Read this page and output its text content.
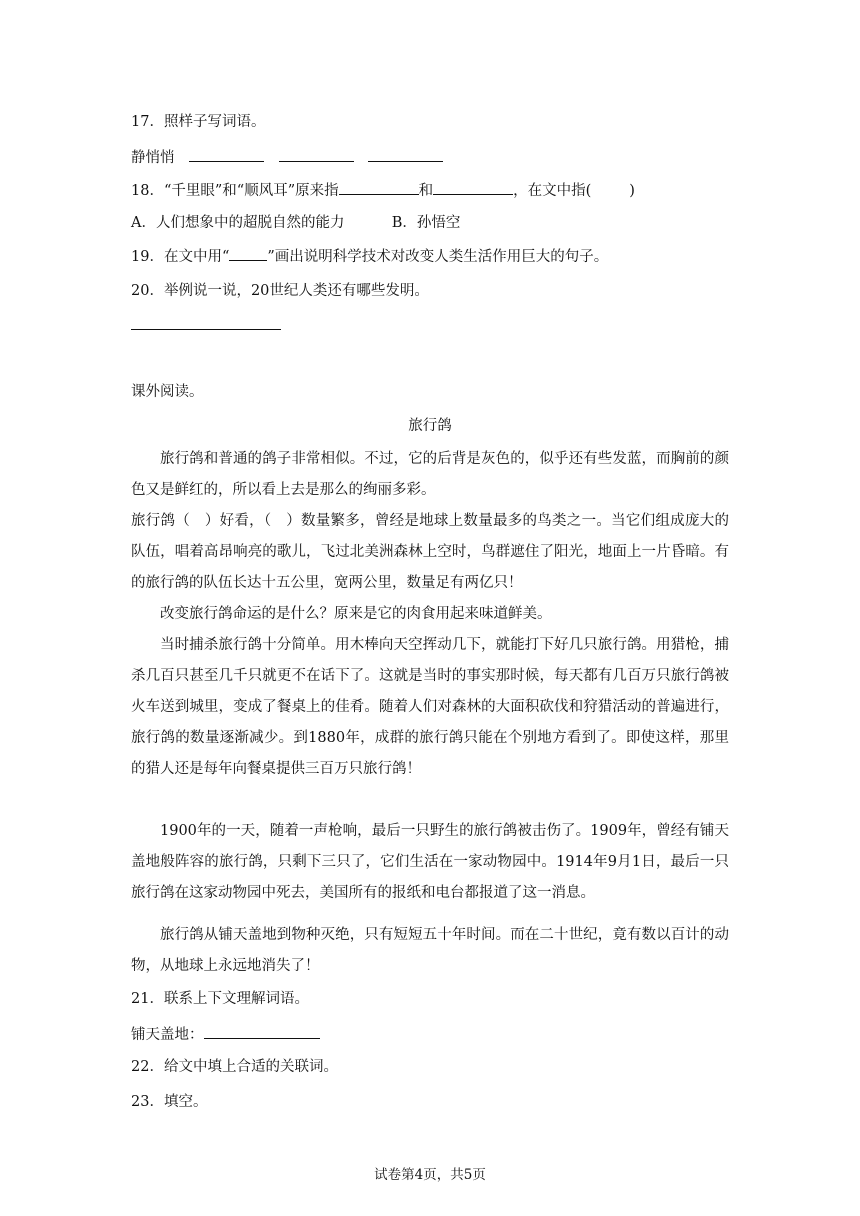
17．照样子写词语。
静悄悄
18．“千里眼”和“顺风耳”原来指	和	，在文中指(	)
A．人们想象中的超脱自然的能力	B．孙悟空
19．在文中用“	”画出说明科学技术对改变人类生活作用巨大的句子。
20．举例说一说，20世纪人类还有哪些发明。
课外阅读。
旅行鸽
旅行鸽和普通的鸽子非常相似。不过，它的后背是灰色的，似乎还有些发蓝，而胸前的颜色又是鲜红的，所以看上去是那么的绚丽多彩。
旅行鸽（　）好看，（　）数量繁多，曾经是地球上数量最多的鸟类之一。当它们组成庞大的队伍，唱着高昂响亮的歌儿，飞过北美洲森林上空时，鸟群遮住了阳光，地面上一片昏暗。有的旅行鸽的队伍长达十五公里，宽两公里，数量足有两亿只！
改变旅行鸽命运的是什么？原来是它的肉食用起来味道鲜美。
当时捕杀旅行鸽十分简单。用木棒向天空挥动几下，就能打下好几只旅行鸽。用猎枪，捕杀几百只甚至几千只就更不在话下了。这就是当时的事实那时候，每天都有几百万只旅行鸽被火车送到城里，变成了餐桌上的佳肴。随着人们对森林的大面积砍伐和狩猎活动的普遍进行，旅行鸽的数量逐渐减少。到1880年，成群的旅行鸽只能在个别地方看到了。即使这样，那里的猎人还是每年向餐桌提供三百万只旅行鸽！
1900年的一天，随着一声枪响，最后一只野生的旅行鸽被击伤了。1909年，曾经有铺天盖地般阵容的旅行鸽，只剩下三只了，它们生活在一家动物园中。1914年9月1日，最后一只旅行鸽在这家动物园中死去，美国所有的报纸和电台都报道了这一消息。
旅行鸽从铺天盖地到物种灭绝，只有短短五十年时间。而在二十世纪，竟有数以百计的动物，从地球上永远地消失了！
21．联系上下文理解词语。
铺天盖地：
22．给文中填上合适的关联词。
23．填空。
试卷第4页，共5页
